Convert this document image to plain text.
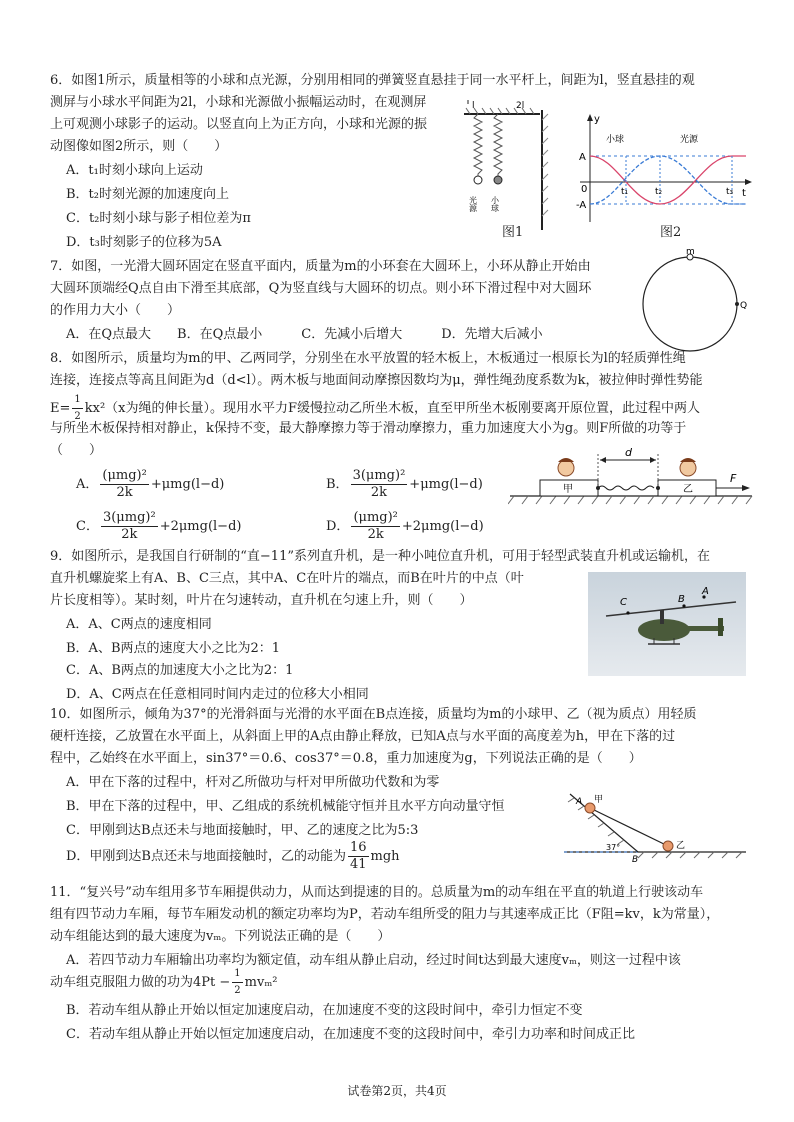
6．如图1所示，质量相等的小球和点光源，分别用相同的弹簧竖直悬挂于同一水平杆上，间距为l，竖直悬挂的观
测屏与小球水平间距为2l，小球和光源做小振幅运动时，在观测屏
上可观测小球影子的运动。以竖直向上为正方向，小球和光源的振
动图像如图2所示，则（　　）
A．t₁时刻小球向上运动
B．t₂时刻光源的加速度向上
C．t₂时刻小球与影子相位差为π
D．t₃时刻影子的位移为5A
l	2l
光源 小球
图1
y
t
A
-A
0
小球	光源
t₁	t₂	t₃
图2
7．如图，一光滑大圆环固定在竖直平面内，质量为m的小环套在大圆环上，小环从静止开始由
大圆环顶端经Q点自由下滑至其底部，Q为竖直线与大圆环的切点。则小环下滑过程中对大圆环
的作用力大小（　　）
A．在Q点最大　　B．在Q点最小　　　C．先减小后增大　　　D．先增大后减小
m
Q
8．如图所示，质量均为m的甲、乙两同学，分别坐在水平放置的轻木板上，木板通过一根原长为l的轻质弹性绳
连接，连接点等高且间距为d（d<l）。两木板与地面间动摩擦因数均为μ，弹性绳劲度系数为k，被拉伸时弹性势能
$E= \frac{1}{2} kx^2(x$为绳的伸长量）。现用水平力F缓慢拉动乙所坐木板，直至甲所坐木板刚要离开原位置，此过程中两人
与所坐木板保持相对静止，k保持不变，最大静摩擦力等于滑动摩擦力，重力加速度大小为g。则F所做的功等于
（　　）
A． $\frac{\text{(μmg)²}}{2k} +\mu mg(l-d)$	B． $\frac{\text{3(μmg)²}}{2k} +\mu mg(l-d)$
C． $\frac{\text{3(μmg)²}}{2k} +2\mu mg(l-d)$	D． $\frac{\text{(μmg)²}}{2k} +2\mu mg(l-d)$
d
甲	乙
F
9．如图所示，是我国自行研制的“直−11”系列直升机，是一种小吨位直升机，可用于轻型武装直升机或运输机，在
直升机螺旋桨上有A、B、C三点，其中A、C在叶片的端点，而B在叶片的中点（叶
片长度相等）。某时刻，叶片在匀速转动，直升机在匀速上升，则（　　）
A．A、C两点的速度相同
B．A、B两点的速度大小之比为2：1
C．A、B两点的加速度大小之比为2：1
D．A、C两点在任意相同时间内走过的位移大小相同
A
B
C
10．如图所示，倾角为37°的光滑斜面与光滑的水平面在B点连接，质量均为m的小球甲、乙（视为质点）用轻质
硬杆连接，乙放置在水平面上，从斜面上甲的A点由静止释放，已知A点与水平面的高度差为h，甲在下落的过
程中，乙始终在水平面上，sin37°＝0.6、cos37°＝0.8，重力加速度为g，下列说法正确的是（　　）
A．甲在下落的过程中，杆对乙所做功与杆对甲所做功代数和为零
B．甲在下落的过程中，甲、乙组成的系统机械能守恒并且水平方向动量守恒
C．甲刚到达B点还未与地面接触时，甲、乙的速度之比为5:3
D．甲刚到达B点还未与地面接触时，乙的动能为 $\frac{16}{41}$ mgh
A 甲
乙
B
37°
11．“复兴号”动车组用多节车厢提供动力，从而达到提速的目的。总质量为m的动车组在平直的轨道上行驶该动车
组有四节动力车厢，每节车厢发动机的额定功率均为P，若动车组所受的阻力与其速率成正比（F阻=kv，k为常量），
动车组能达到的最大速度为vₘ。下列说法正确的是（　　）
A．若四节动力车厢输出功率均为额定值，动车组从静止启动，经过时间t达到最大速度vₘ，则这一过程中该
动车组克服阻力做的功为$4Pt - \frac{1}{2} mv_m^2$
B．若动车组从静止开始以恒定加速度启动，在加速度不变的这段时间中，牵引力恒定不变
C．若动车组从静止开始以恒定加速度启动，在加速度不变的这段时间中，牵引力功率和时间成正比
试卷第2页，共4页
